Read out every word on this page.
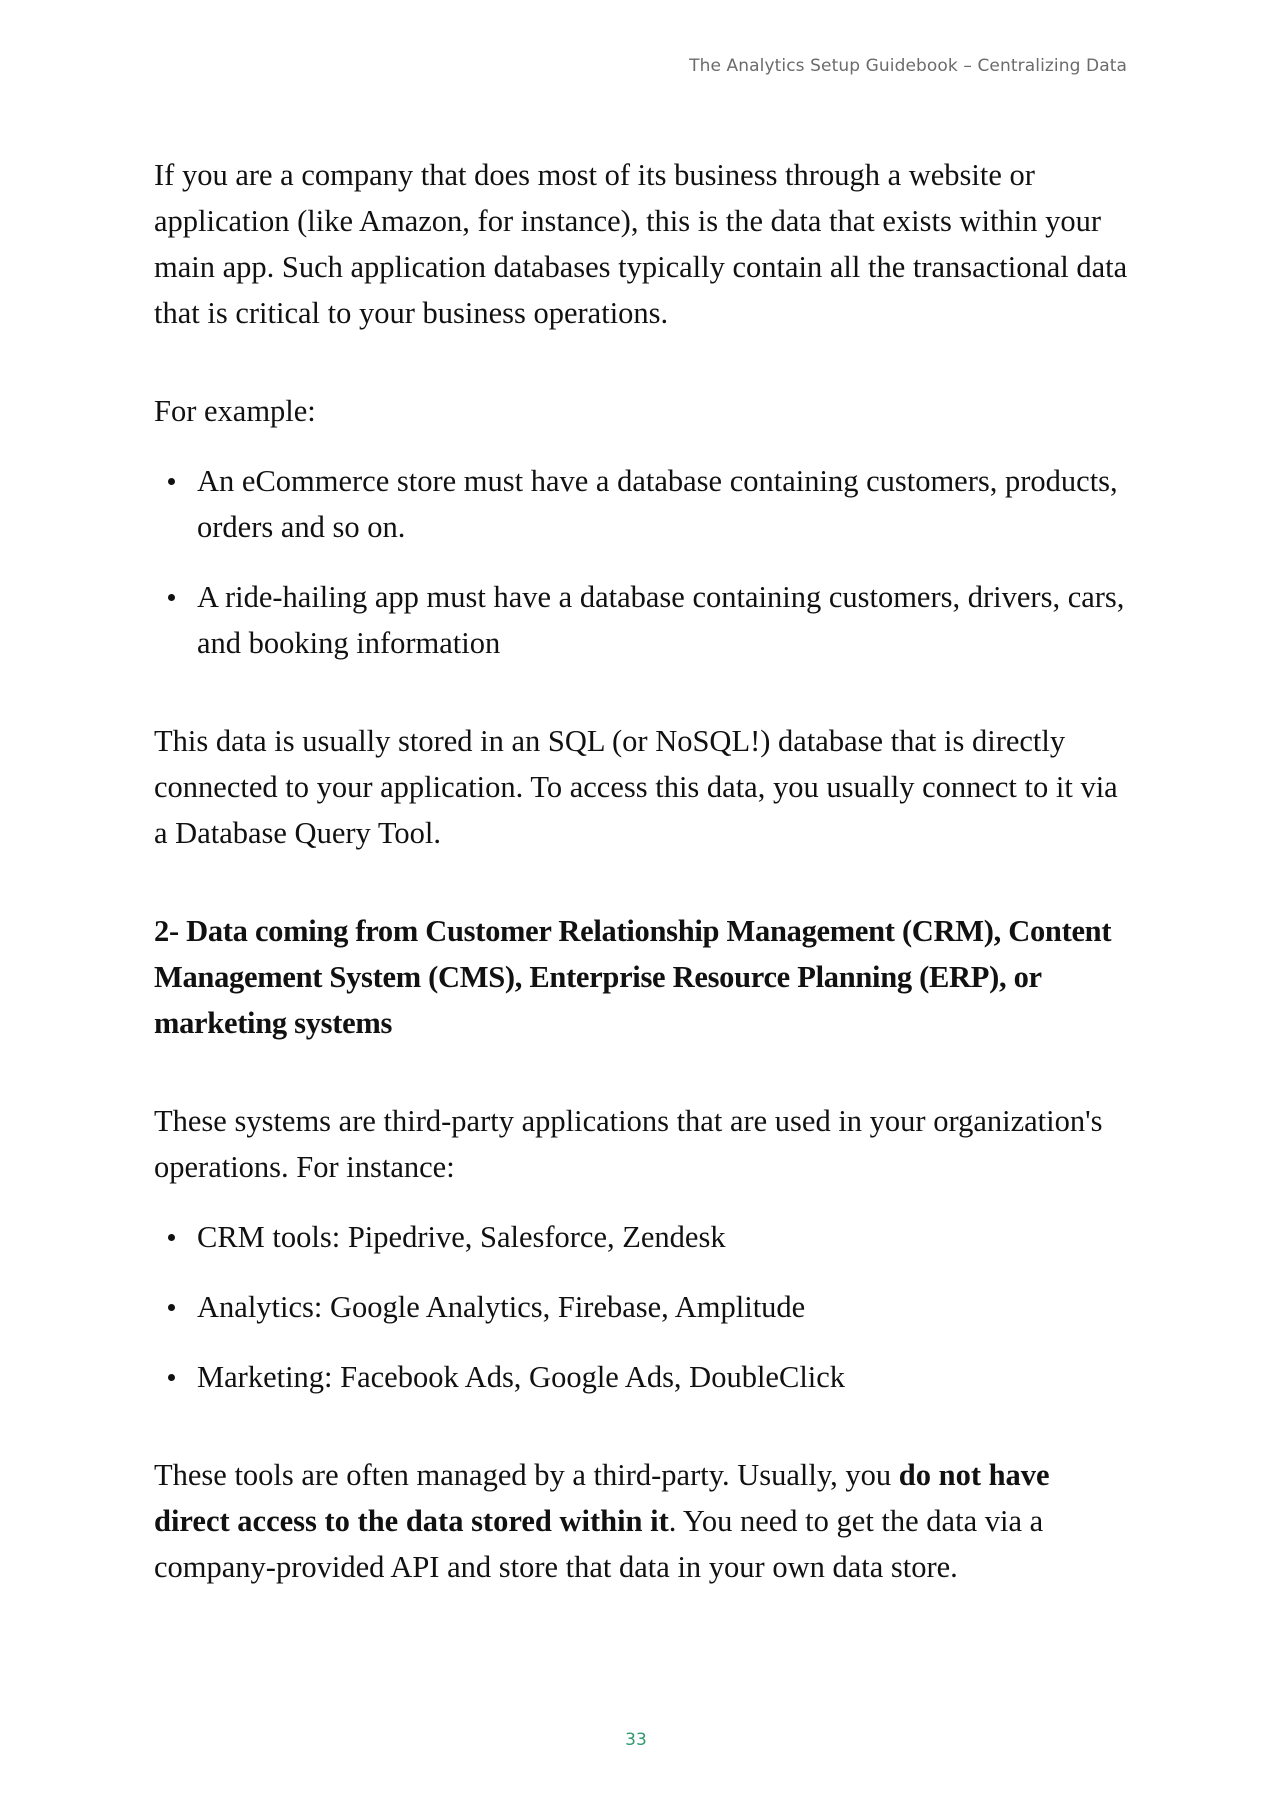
The Analytics Setup Guidebook – Centralizing Data

If you are a company that does most of its business through a website or application (like Amazon, for instance), this is the data that exists within your main app. Such application databases typically contain all the transactional data that is critical to your business operations.

For example:

An eCommerce store must have a database containing customers, products, orders and so on.
A ride-hailing app must have a database containing customers, drivers, cars, and booking information

This data is usually stored in an SQL (or NoSQL!) database that is directly connected to your application. To access this data, you usually connect to it via a Database Query Tool.

2- Data coming from Customer Relationship Management (CRM), Content Management System (CMS), Enterprise Resource Planning (ERP), or marketing systems

These systems are third-party applications that are used in your organization's operations. For instance:

CRM tools: Pipedrive, Salesforce, Zendesk
Analytics: Google Analytics, Firebase, Amplitude
Marketing: Facebook Ads, Google Ads, DoubleClick

These tools are often managed by a third-party. Usually, you do not have direct access to the data stored within it. You need to get the data via a company-provided API and store that data in your own data store.

33
